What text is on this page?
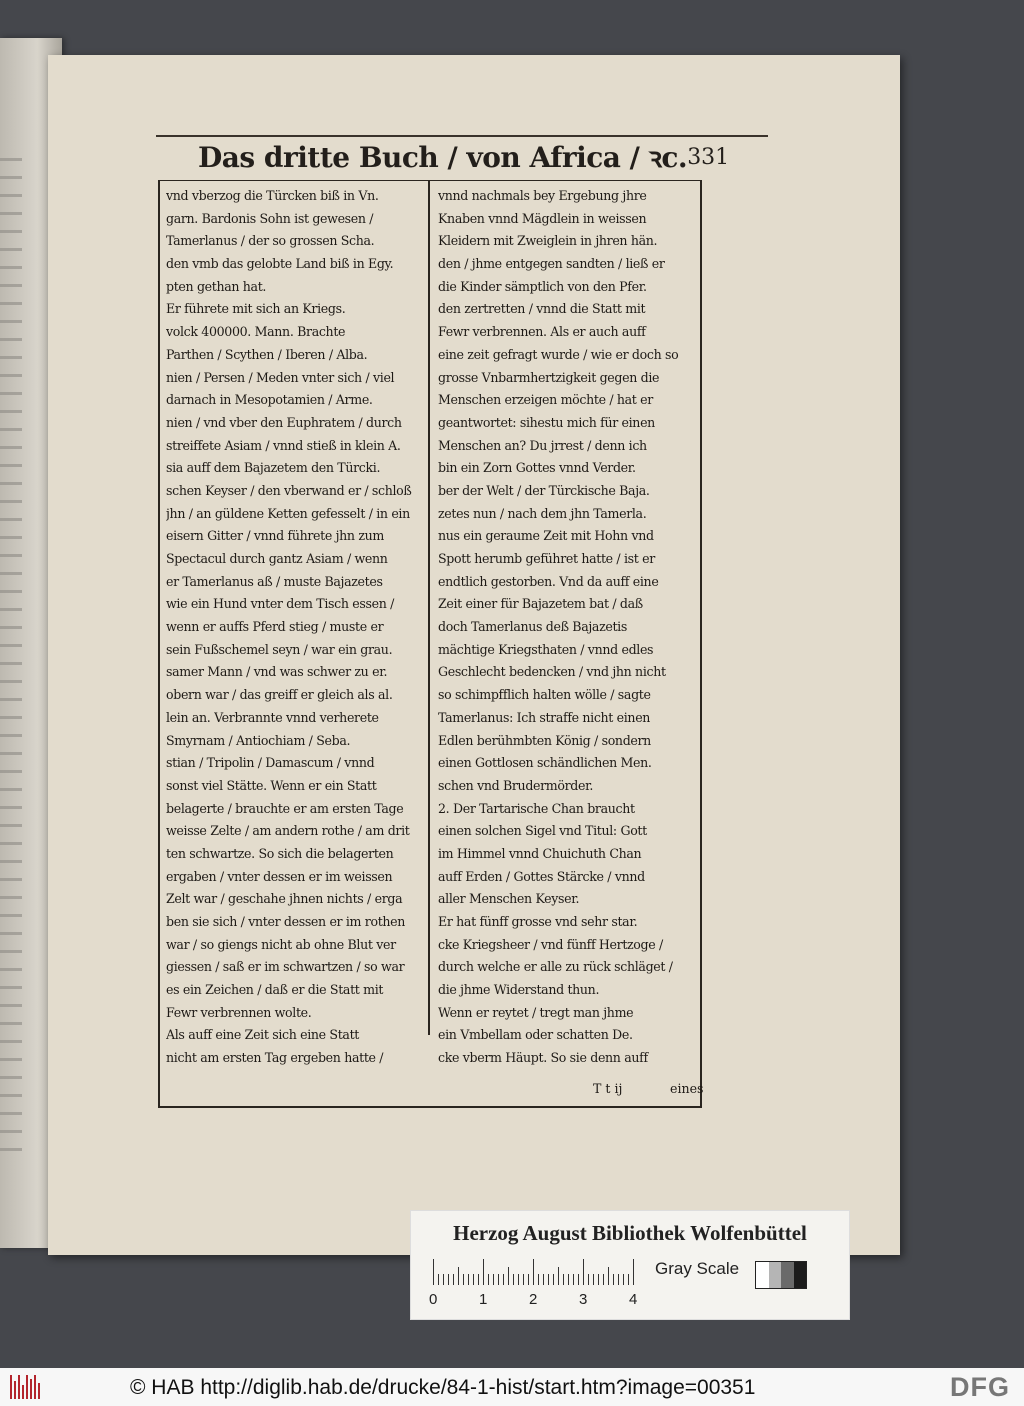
Das dritte Buch / von Africa / ꝛc. 331
vnd vberzog die Türcken biß in Vn.
garn. Bardonis Sohn ist gewesen /
Tamerlanus / der so grossen Scha.
den vmb das gelobte Land biß in Egy.
pten gethan hat.
Er führete mit sich an Kriegs.
volck 400000. Mann. Brachte
Parthen / Scythen / Iberen / Alba.
nien / Persen / Meden vnter sich / viel
darnach in Mesopotamien / Arme.
nien / vnd vber den Euphratem / durch
streiffete Asiam / vnnd stieß in klein A.
sia auff dem Bajazetem den Türcki.
schen Keyser / den vberwand er / schloß
jhn / an güldene Ketten gefesselt / in ein
eisern Gitter / vnnd führete jhn zum
Spectacul durch gantz Asiam / wenn
er Tamerlanus aß / muste Bajazetes
wie ein Hund vnter dem Tisch essen /
wenn er auffs Pferd stieg / muste er
sein Fußschemel seyn / war ein grau.
samer Mann / vnd was schwer zu er.
obern war / das greiff er gleich als al.
lein an. Verbrannte vnnd verherete
Smyrnam / Antiochiam / Seba.
stian / Tripolin / Damascum / vnnd
sonst viel Stätte. Wenn er ein Statt
belagerte / brauchte er am ersten Tage
weisse Zelte / am andern rothe / am drit
ten schwartze. So sich die belagerten
ergaben / vnter dessen er im weissen
Zelt war / geschahe jhnen nichts / erga
ben sie sich / vnter dessen er im rothen
war / so giengs nicht ab ohne Blut ver
giessen / saß er im schwartzen / so war
es ein Zeichen / daß er die Statt mit
Fewr verbrennen wolte.
Als auff eine Zeit sich eine Statt
nicht am ersten Tag ergeben hatte /
vnnd nachmals bey Ergebung jhre
Knaben vnnd Mägdlein in weissen
Kleidern mit Zweiglein in jhren hän.
den / jhme entgegen sandten / ließ er
die Kinder sämptlich von den Pfer.
den zertretten / vnnd die Statt mit
Fewr verbrennen. Als er auch auff
eine zeit gefragt wurde / wie er doch so
grosse Vnbarmhertzigkeit gegen die
Menschen erzeigen möchte / hat er
geantwortet: sihestu mich für einen
Menschen an? Du jrrest / denn ich
bin ein Zorn Gottes vnnd Verder.
ber der Welt / der Türckische Baja.
zetes nun / nach dem jhn Tamerla.
nus ein geraume Zeit mit Hohn vnd
Spott herumb geführet hatte / ist er
endtlich gestorben. Vnd da auff eine
Zeit einer für Bajazetem bat / daß
doch Tamerlanus deß Bajazetis
mächtige Kriegsthaten / vnnd edles
Geschlecht bedencken / vnd jhn nicht
so schimpfflich halten wölle / sagte
Tamerlanus: Ich straffe nicht einen
Edlen berühmbten König / sondern
einen Gottlosen schändlichen Men.
schen vnd Brudermörder.
2. Der Tartarische Chan braucht
einen solchen Sigel vnd Titul: Gott
im Himmel vnnd Chuichuth Chan
auff Erden / Gottes Stärcke / vnnd
aller Menschen Keyser.
Er hat fünff grosse vnd sehr star.
cke Kriegsheer / vnd fünff Hertzoge /
durch welche er alle zu rück schläget /
die jhme Widerstand thun.
Wenn er reytet / tregt man jhme
ein Vmbellam oder schatten De.
cke vberm Häupt. So sie denn auff
T t ij	eines
Herzog August Bibliothek Wolfenbüttel
Gray Scale
0	1	2	3	4
© HAB http://diglib.hab.de/drucke/84-1-hist/start.htm?image=00351	DFG
